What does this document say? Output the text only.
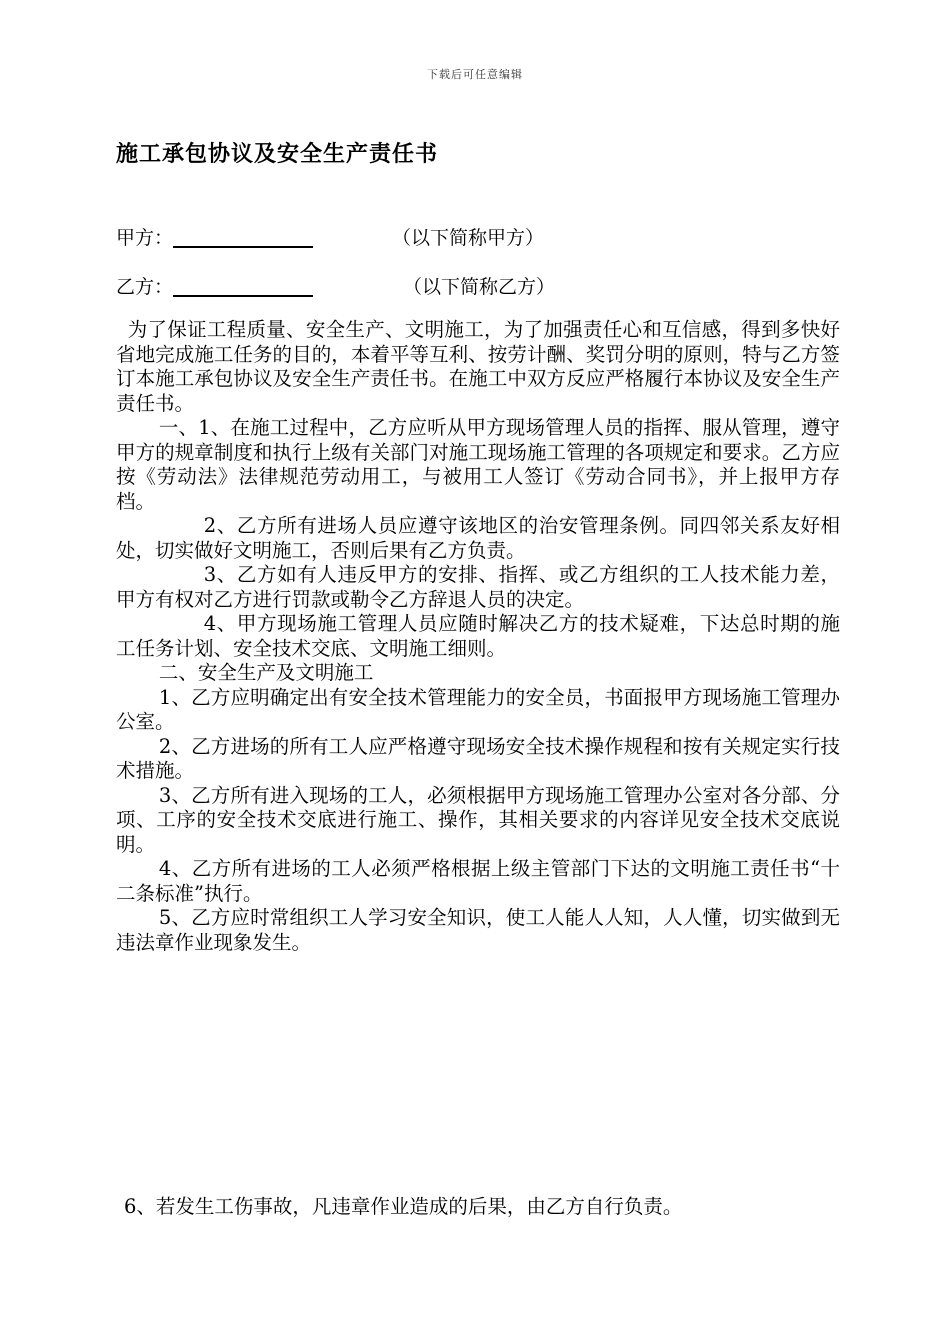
下载后可任意编辑
施工承包协议及安全生产责任书
甲方：	（以下简称甲方）
乙方：	（以下简称乙方）

为了保证工程质量、安全生产、文明施工，为了加强责任心和互信感，得到多快好省地完成施工任务的目的，本着平等互利、按劳计酬、奖罚分明的原则，特与乙方签订本施工承包协议及安全生产责任书。在施工中双方反应严格履行本协议及安全生产责任书。

一、1、在施工过程中，乙方应听从甲方现场管理人员的指挥、服从管理，遵守甲方的规章制度和执行上级有关部门对施工现场施工管理的各项规定和要求。乙方应按《劳动法》法律规范劳动用工，与被用工人签订《劳动合同书》，并上报甲方存档。

2、乙方所有进场人员应遵守该地区的治安管理条例。同四邻关系友好相处，切实做好文明施工，否则后果有乙方负责。

3、乙方如有人违反甲方的安排、指挥、或乙方组织的工人技术能力差，甲方有权对乙方进行罚款或勒令乙方辞退人员的决定。

4、甲方现场施工管理人员应随时解决乙方的技术疑难，下达总时期的施工任务计划、安全技术交底、文明施工细则。

二、安全生产及文明施工

1、乙方应明确定出有安全技术管理能力的安全员，书面报甲方现场施工管理办公室。

2、乙方进场的所有工人应严格遵守现场安全技术操作规程和按有关规定实行技术措施。

3、乙方所有进入现场的工人，必须根据甲方现场施工管理办公室对各分部、分项、工序的安全技术交底进行施工、操作，其相关要求的内容详见安全技术交底说明。

4、乙方所有进场的工人必须严格根据上级主管部门下达的文明施工责任书“十二条标准”执行。

5、乙方应时常组织工人学习安全知识，使工人能人人知，人人懂，切实做到无违法章作业现象发生。

6、若发生工伤事故，凡违章作业造成的后果，由乙方自行负责。
